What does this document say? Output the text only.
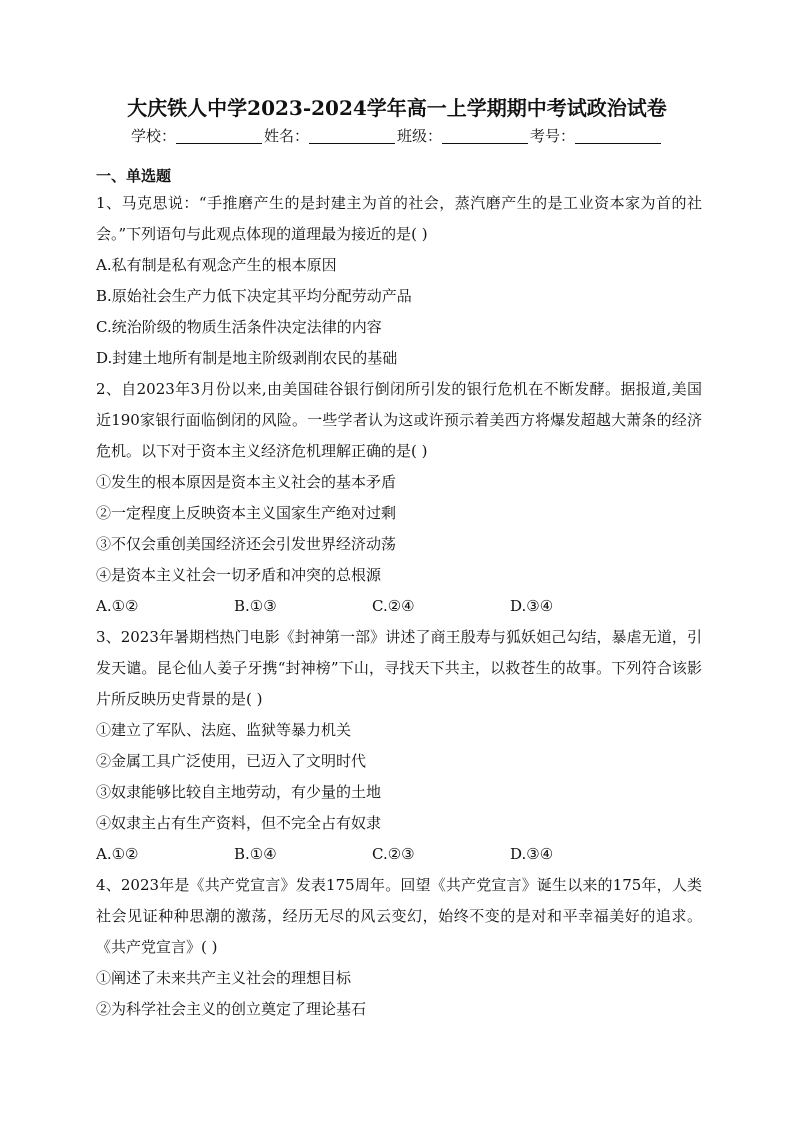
大庆铁人中学2023-2024学年高一上学期期中考试政治试卷
学校：	姓名：	班级：	考号：

一、单选题

1、马克思说：“手推磨产生的是封建主为首的社会，蒸汽磨产生的是工业资本家为首的社会。”下列语句与此观点体现的道理最为接近的是( )

A.私有制是私有观念产生的根本原因

B.原始社会生产力低下决定其平均分配劳动产品

C.统治阶级的物质生活条件决定法律的内容

D.封建土地所有制是地主阶级剥削农民的基础

2、自2023年3月份以来,由美国硅谷银行倒闭所引发的银行危机在不断发酵。据报道,美国近190家银行面临倒闭的风险。一些学者认为这或许预示着美西方将爆发超越大萧条的经济危机。以下对于资本主义经济危机理解正确的是( )

①发生的根本原因是资本主义社会的基本矛盾

②一定程度上反映资本主义国家生产绝对过剩

③不仅会重创美国经济还会引发世界经济动荡

④是资本主义社会一切矛盾和冲突的总根源

A.①②	B.①③	C.②④	D.③④

3、2023年暑期档热门电影《封神第一部》讲述了商王殷寿与狐妖妲己勾结，暴虐无道，引发天谴。昆仑仙人姜子牙携“封神榜”下山，寻找天下共主，以救苍生的故事。下列符合该影片所反映历史背景的是( )

①建立了军队、法庭、监狱等暴力机关

②金属工具广泛使用，已迈入了文明时代

③奴隶能够比较自主地劳动，有少量的土地

④奴隶主占有生产资料，但不完全占有奴隶

A.①②	B.①④	C.②③	D.③④

4、2023年是《共产党宣言》发表175周年。回望《共产党宣言》诞生以来的175年，人类社会见证种种思潮的激荡，经历无尽的风云变幻，始终不变的是对和平幸福美好的追求。《共产党宣言》( )

①阐述了未来共产主义社会的理想目标

②为科学社会主义的创立奠定了理论基石
